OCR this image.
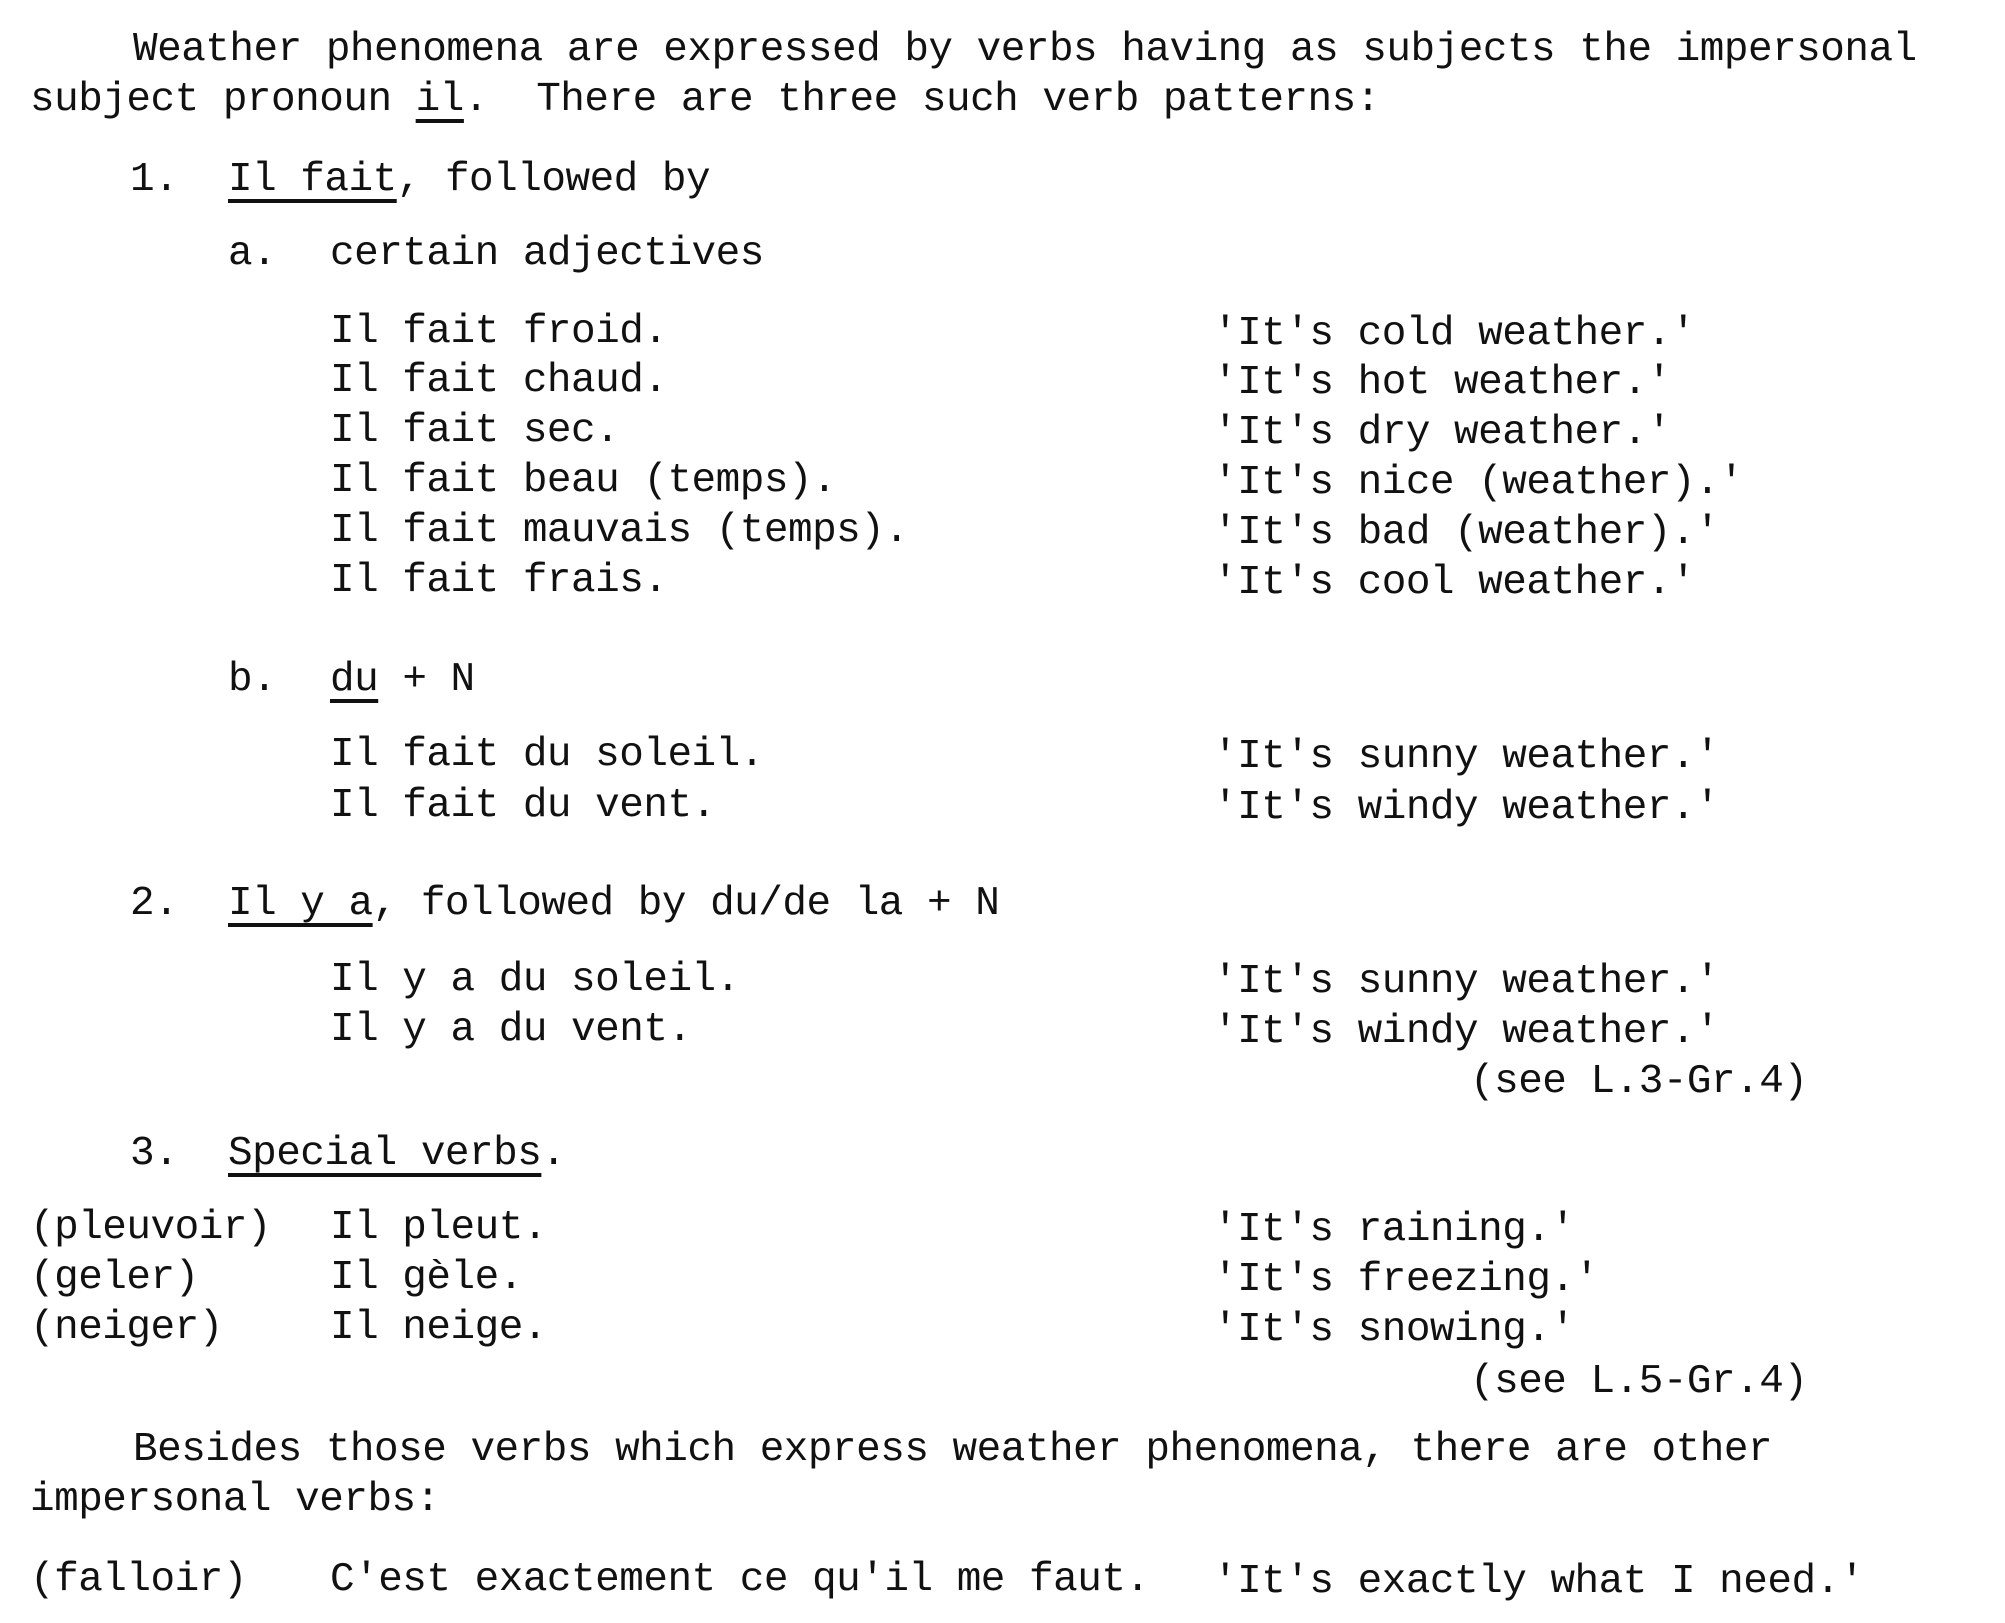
Weather phenomena are expressed by verbs having as subjects the impersonal
subject pronoun il.  There are three such verb patterns:
1. Il fait, followed by
a. certain adjectives
Il fait froid.	'It's cold weather.'
Il fait chaud.	'It's hot weather.'
Il fait sec.	'It's dry weather.'
Il fait beau (temps).	'It's nice (weather).'
Il fait mauvais (temps).	'It's bad (weather).'
Il fait frais.	'It's cool weather.'
b. du + N
Il fait du soleil.	'It's sunny weather.'
Il fait du vent.	'It's windy weather.'
2. Il y a, followed by du/de la + N
Il y a du soleil.	'It's sunny weather.'
Il y a du vent.	'It's windy weather.'
(see L.3-Gr.4)
3. Special verbs.
(pleuvoir) Il pleut.	'It's raining.'
(geler)	Il gèle.	'It's freezing.'
(neiger)	Il neige.	'It's snowing.'
(see L.5-Gr.4)
Besides those verbs which express weather phenomena, there are other
impersonal verbs:
(falloir) C'est exactement ce qu'il me faut. 'It's exactly what I need.'
